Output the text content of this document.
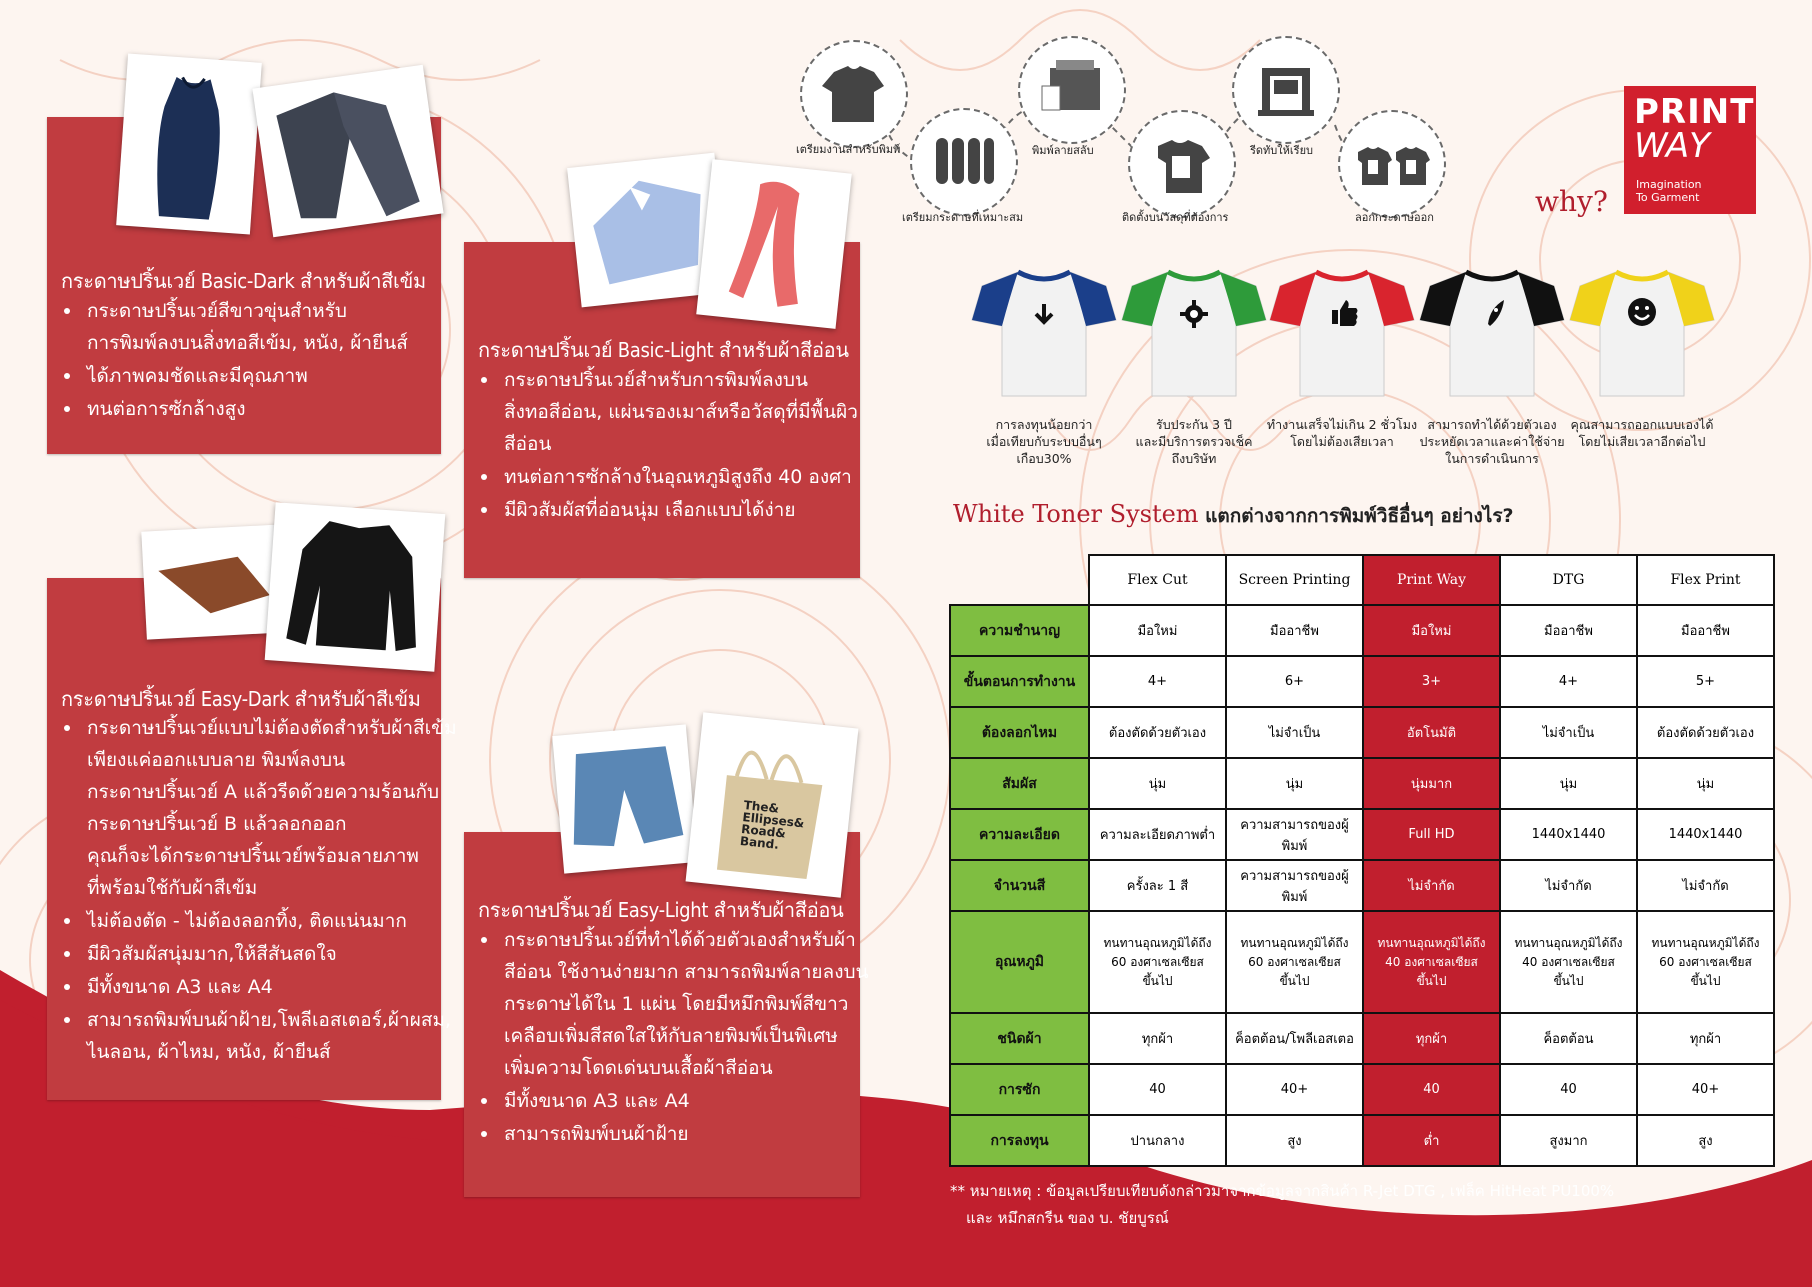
กระดาษปริ้นเวย์ Basic-Dark สำหรับผ้าสีเข้ม
• กระดาษปริ้นเวย์สีขาวขุ่นสำหรับ
การพิมพ์ลงบนสิ่งทอสีเข้ม, หนัง, ผ้ายีนส์
• ได้ภาพคมชัดและมีคุณภาพ
• ทนต่อการซักล้างสูง
กระดาษปริ้นเวย์ Basic-Light สำหรับผ้าสีอ่อน
• กระดาษปริ้นเวย์สำหรับการพิมพ์ลงบน
สิ่งทอสีอ่อน, แผ่นรองเมาส์หรือวัสดุที่มีพื้นผิว
สีอ่อน
• ทนต่อการซักล้างในอุณหภูมิสูงถึง 40 องศา
• มีผิวสัมผัสที่อ่อนนุ่ม เลือกแบบได้ง่าย
กระดาษปริ้นเวย์ Easy-Dark สำหรับผ้าสีเข้ม
• กระดาษปริ้นเวย์แบบไม่ต้องตัดสำหรับผ้าสีเข้ม
เพียงแค่ออกแบบลาย พิมพ์ลงบน
กระดาษปริ้นเวย์ A แล้วรีดด้วยความร้อนกับ
กระดาษปริ้นเวย์ B แล้วลอกออก
คุณก็จะได้กระดาษปริ้นเวย์พร้อมลายภาพ
ที่พร้อมใช้กับผ้าสีเข้ม
• ไม่ต้องตัด - ไม่ต้องลอกทิ้ง, ติดแน่นมาก
• มีผิวสัมผัสนุ่มมาก,ให้สีสันสดใจ
• มีทั้งขนาด A3 และ A4
• สามารถพิมพ์บนผ้าฝ้าย,โพลีเอสเตอร์,ผ้าผสม,
ไนลอน, ผ้าไหม, หนัง, ผ้ายีนส์
กระดาษปริ้นเวย์ Easy-Light สำหรับผ้าสีอ่อน
• กระดาษปริ้นเวย์ที่ทำได้ด้วยตัวเองสำหรับผ้า
สีอ่อน ใช้งานง่ายมาก สามารถพิมพ์ลายลงบน
กระดาษได้ใน 1 แผ่น โดยมีหมึกพิมพ์สีขาว
เคลือบเพิ่มสีสดใสให้กับลายพิมพ์เป็นพิเศษ
เพิ่มความโดดเด่นบนเสื้อผ้าสีอ่อน
• มีทั้งขนาด A3 และ A4
• สามารถพิมพ์บนผ้าฝ้าย
The&
Ellipses&
Road&
Band.
เตรียมงานสำหรับพิมพ์
เตรียมกระดาษที่เหมาะสม
พิมพ์ลายสลับ
ติดตั้งบนวัสดุที่ต้องการ
รีดทับให้เรียบ
ลอกกระดาษออก
PRINT
WAY
Imagination
To Garment
why?
การลงทุนน้อยกว่า
เมื่อเทียบกับระบบอื่นๆ
เกือบ30%
รับประกัน 3 ปี
และมีบริการตรวจเช็ค
ถึงบริษัท
ทำงานเสร็จไม่เกิน 2 ชั่วโมง
โดยไม่ต้องเสียเวลา
สามารถทำได้ด้วยตัวเอง
ประหยัดเวลาและค่าใช้จ่าย
ในการดำเนินการ
คุณสามารถออกแบบเองได้
โดยไม่เสียเวลาอีกต่อไป
White Toner System แตกต่างจากการพิมพ์วิธีอื่นๆ อย่างไร?
	Flex Cut	Screen Printing	Print Way	DTG	Flex Print
ความชำนาญ	มือใหม่	มืออาชีพ	มือใหม่	มืออาชีพ	มืออาชีพ
ขั้นตอนการทำงาน	4+	6+	3+	4+	5+
ต้องลอกไหม	ต้องตัดด้วยตัวเอง	ไม่จำเป็น	อัตโนมัติ	ไม่จำเป็น	ต้องตัดด้วยตัวเอง
สัมผัส	นุ่ม	นุ่ม	นุ่มมาก	นุ่ม	นุ่ม
ความละเอียด	ความละเอียดภาพต่ำ	ความสามารถของผู้พิมพ์	Full HD	1440x1440	1440x1440
จำนวนสี	ครั้งละ 1 สี	ความสามารถของผู้พิมพ์	ไม่จำกัด	ไม่จำกัด	ไม่จำกัด
อุณหภูมิ	ทนทานอุณหภูมิได้ถึง
60 องศาเซลเซียส
ขึ้นไป	ทนทานอุณหภูมิได้ถึง
60 องศาเซลเซียส
ขึ้นไป	ทนทานอุณหภูมิได้ถึง
40 องศาเซลเซียส
ขึ้นไป	ทนทานอุณหภูมิได้ถึง
40 องศาเซลเซียส
ขึ้นไป	ทนทานอุณหภูมิได้ถึง
60 องศาเซลเซียส
ขึ้นไป
ชนิดผ้า	ทุกผ้า	ค็อตต้อน/โพลีเอสเตอ	ทุกผ้า	ค็อตต้อน	ทุกผ้า
การซัก	40	40+	40	40	40+
การลงทุน	ปานกลาง	สูง	ต่ำ	สูงมาก	สูง
** หมายเหตุ : ข้อมูลเปรียบเทียบดังกล่าวมาจากข้อมูลจากสินค้า R-Jet DTG , เฟล็ค HitHeat PU100%
และ หมึกสกรีน ของ บ. ชัยบูรณ์
